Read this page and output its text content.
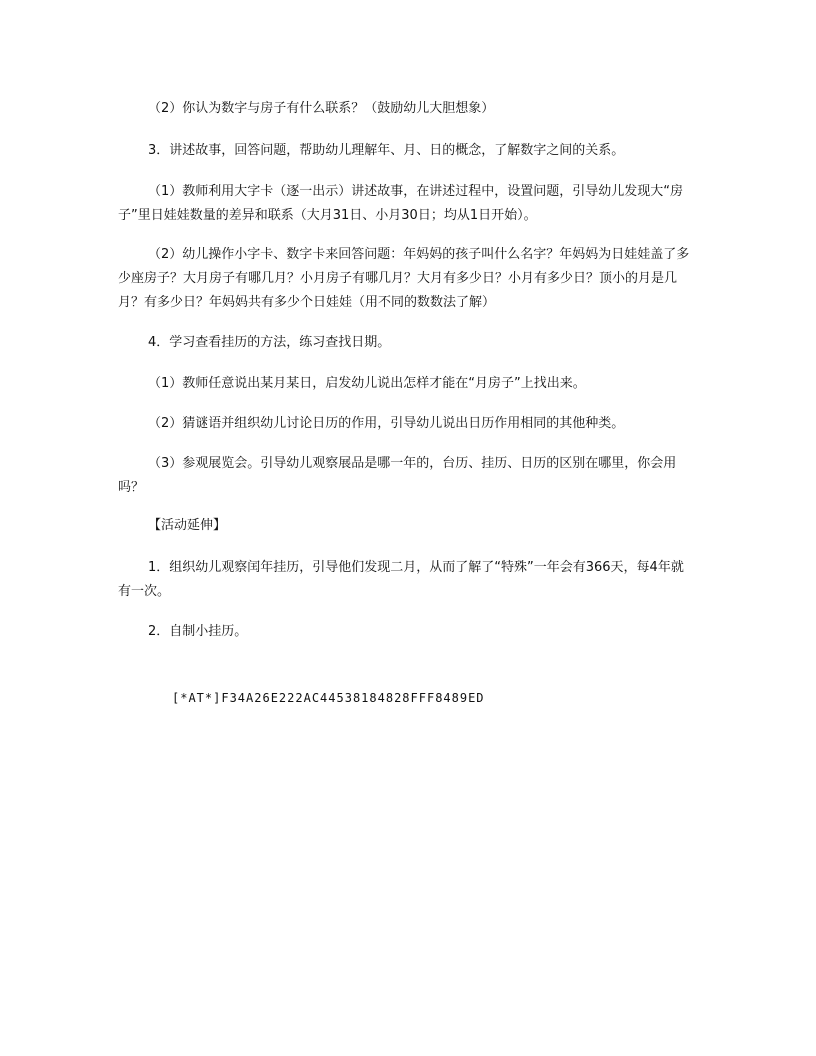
（2）你认为数字与房子有什么联系？（鼓励幼儿大胆想象）

3．讲述故事，回答问题，帮助幼儿理解年、月、日的概念，了解数字之间的关系。

（1）教师利用大字卡（逐一出示）讲述故事，在讲述过程中，设置问题，引导幼儿发现大“房子”里日娃娃数量的差异和联系（大月31日、小月30日；均从1日开始）。

（2）幼儿操作小字卡、数字卡来回答问题：年妈妈的孩子叫什么名字？年妈妈为日娃娃盖了多少座房子？大月房子有哪几月？小月房子有哪几月？大月有多少日？小月有多少日？顶小的月是几月？有多少日？年妈妈共有多少个日娃娃（用不同的数数法了解）

4．学习查看挂历的方法，练习查找日期。

（1）教师任意说出某月某日，启发幼儿说出怎样才能在“月房子”上找出来。

（2）猜谜语并组织幼儿讨论日历的作用，引导幼儿说出日历作用相同的其他种类。

（3）参观展览会。引导幼儿观察展品是哪一年的，台历、挂历、日历的区别在哪里，你会用吗？

【活动延伸】

1．组织幼儿观察闰年挂历，引导他们发现二月，从而了解了“特殊”一年会有366天，每4年就有一次。

2．自制小挂历。

[*AT*]F34A26E222AC44538184828FFF8489ED
